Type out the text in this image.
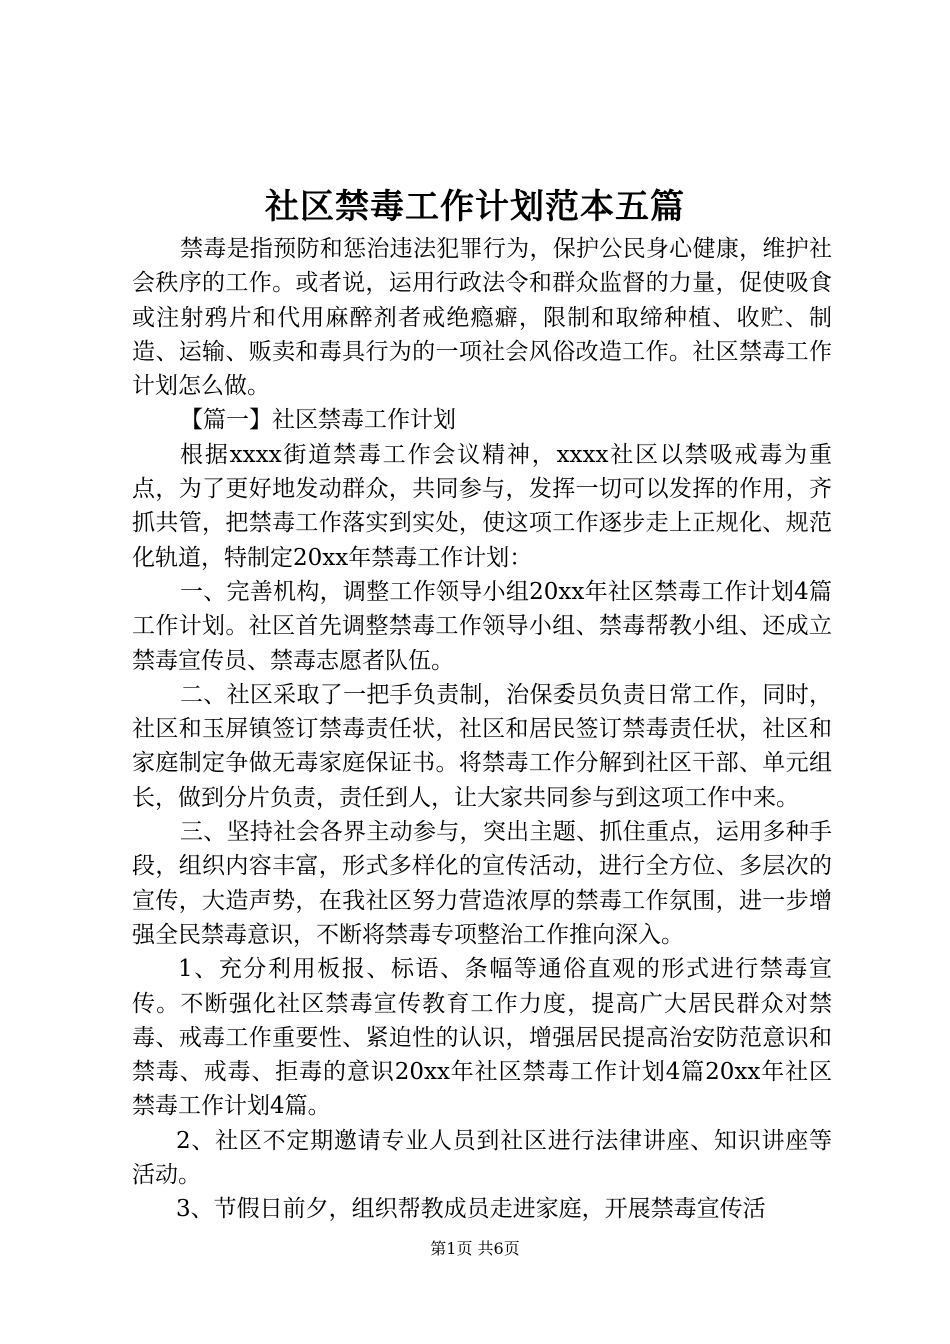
社区禁毒工作计划范本五篇

禁毒是指预防和惩治违法犯罪行为，保护公民身心健康，维护社会秩序的工作。或者说，运用行政法令和群众监督的力量，促使吸食或注射鸦片和代用麻醉剂者戒绝瘾癖，限制和取缔种植、收贮、制造、运输、贩卖和毒具行为的一项社会风俗改造工作。社区禁毒工作计划怎么做。

【篇一】社区禁毒工作计划

根据xxxx街道禁毒工作会议精神，xxxx社区以禁吸戒毒为重点，为了更好地发动群众，共同参与，发挥一切可以发挥的作用，齐抓共管，把禁毒工作落实到实处，使这项工作逐步走上正规化、规范化轨道，特制定20xx年禁毒工作计划：

一、完善机构，调整工作领导小组20xx年社区禁毒工作计划4篇工作计划。社区首先调整禁毒工作领导小组、禁毒帮教小组、还成立禁毒宣传员、禁毒志愿者队伍。

二、社区采取了一把手负责制，治保委员负责日常工作，同时，社区和玉屏镇签订禁毒责任状，社区和居民签订禁毒责任状，社区和家庭制定争做无毒家庭保证书。将禁毒工作分解到社区干部、单元组长，做到分片负责，责任到人，让大家共同参与到这项工作中来。

三、坚持社会各界主动参与，突出主题、抓住重点，运用多种手段，组织内容丰富，形式多样化的宣传活动，进行全方位、多层次的宣传，大造声势，在我社区努力营造浓厚的禁毒工作氛围，进一步增强全民禁毒意识，不断将禁毒专项整治工作推向深入。

1、充分利用板报、标语、条幅等通俗直观的形式进行禁毒宣传。不断强化社区禁毒宣传教育工作力度，提高广大居民群众对禁毒、戒毒工作重要性、紧迫性的认识，增强居民提高治安防范意识和禁毒、戒毒、拒毒的意识20xx年社区禁毒工作计划4篇20xx年社区禁毒工作计划4篇。

2、社区不定期邀请专业人员到社区进行法律讲座、知识讲座等活动。

3、节假日前夕，组织帮教成员走进家庭，开展禁毒宣传活

第1页 共6页
